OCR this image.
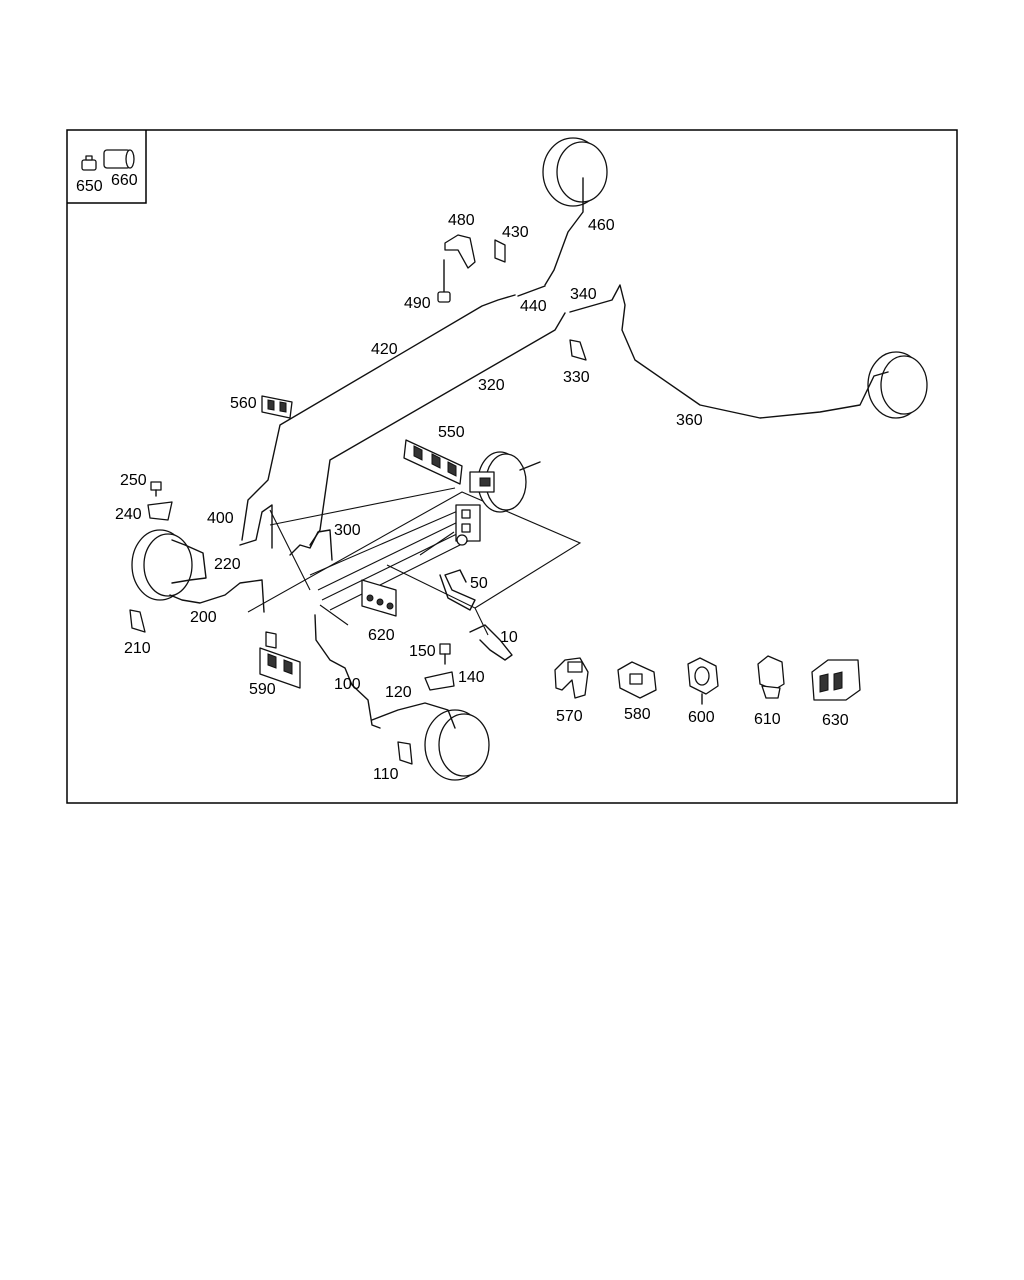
650 660
10
50
100
110
120
140
150
200
210
220
240
250
300
320	330
340
360
400
420
430
440
460
480
490
550
560
570	580
590
600 610
620
630
